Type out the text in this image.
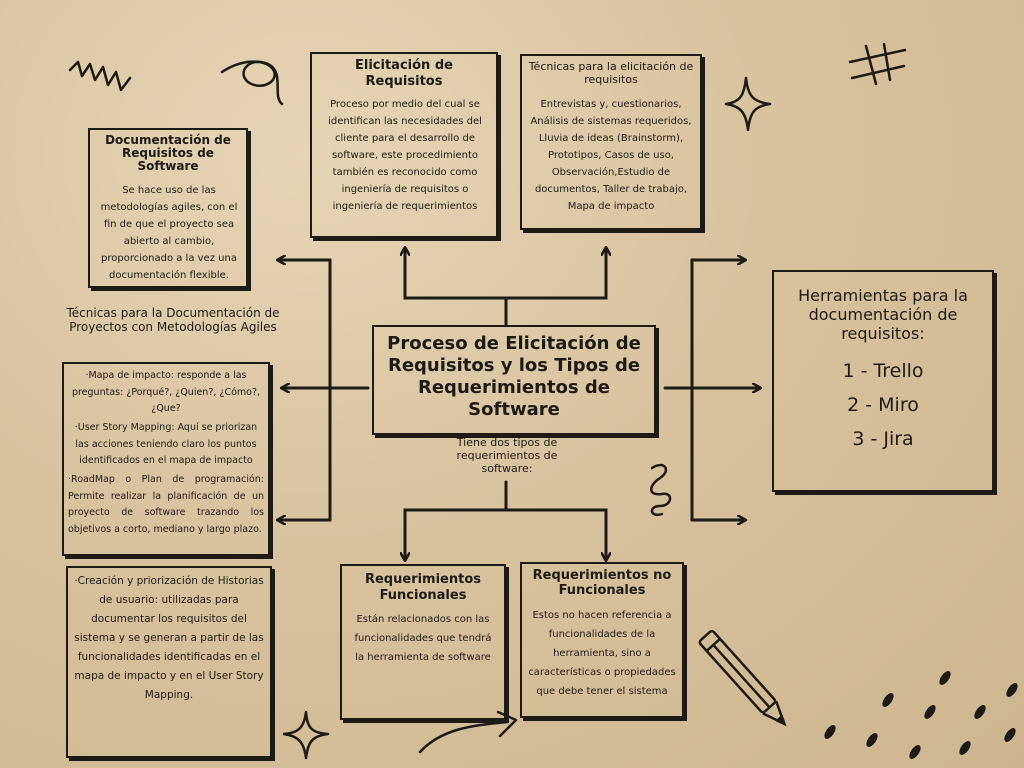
Elicitación de Requisitos
Proceso por medio del cual se identifican las necesidades del cliente para el desarrollo de software, este procedimiento también es reconocido como ingeniería de requisitos o ingeniería de requerimientos
Técnicas para la elicitación de requisitos
Entrevistas y, cuestionarios, Análisis de sistemas requeridos, Lluvia de ideas (Brainstorm), Prototipos, Casos de uso, Observación,Estudio de documentos, Taller de trabajo, Mapa de impacto
Documentación de Requisitos de Software
Se hace uso de las metodologías agiles, con el fin de que el proyecto sea abierto al cambio, proporcionado a la vez una documentación flexible.
Técnicas para la Documentación de Proyectos con Metodologías Agiles
·Mapa de impacto: responde a las preguntas: ¿Porqué?, ¿Quien?, ¿Cómo?, ¿Que?
·User Story Mapping: Aquí se priorizan las acciones teniendo claro los puntos identificados en el mapa de impacto
·RoadMap o Plan de programación: Permite realizar la planificación de un proyecto de software trazando los objetivos a corto, mediano y largo plazo.
·Creación y priorización de Historias de usuario: utilizadas para documentar los requisitos del sistema y se generan a partir de las funcionalidades identificadas en el mapa de impacto y en el User Story Mapping.
Proceso de Elicitación de Requisitos y los Tipos de Requerimientos de Software
Tiene dos tipos de requerimientos de software:
Requerimientos Funcionales
Están relacionados con las funcionalidades que tendrá la herramienta de software
Requerimientos no Funcionales
Estos no hacen referencia a funcionalidades de la herramienta, sino a características o propiedades que debe tener el sistema
Herramientas para la documentación de requisitos:
1 - Trello
2 - Miro
3 - Jira
